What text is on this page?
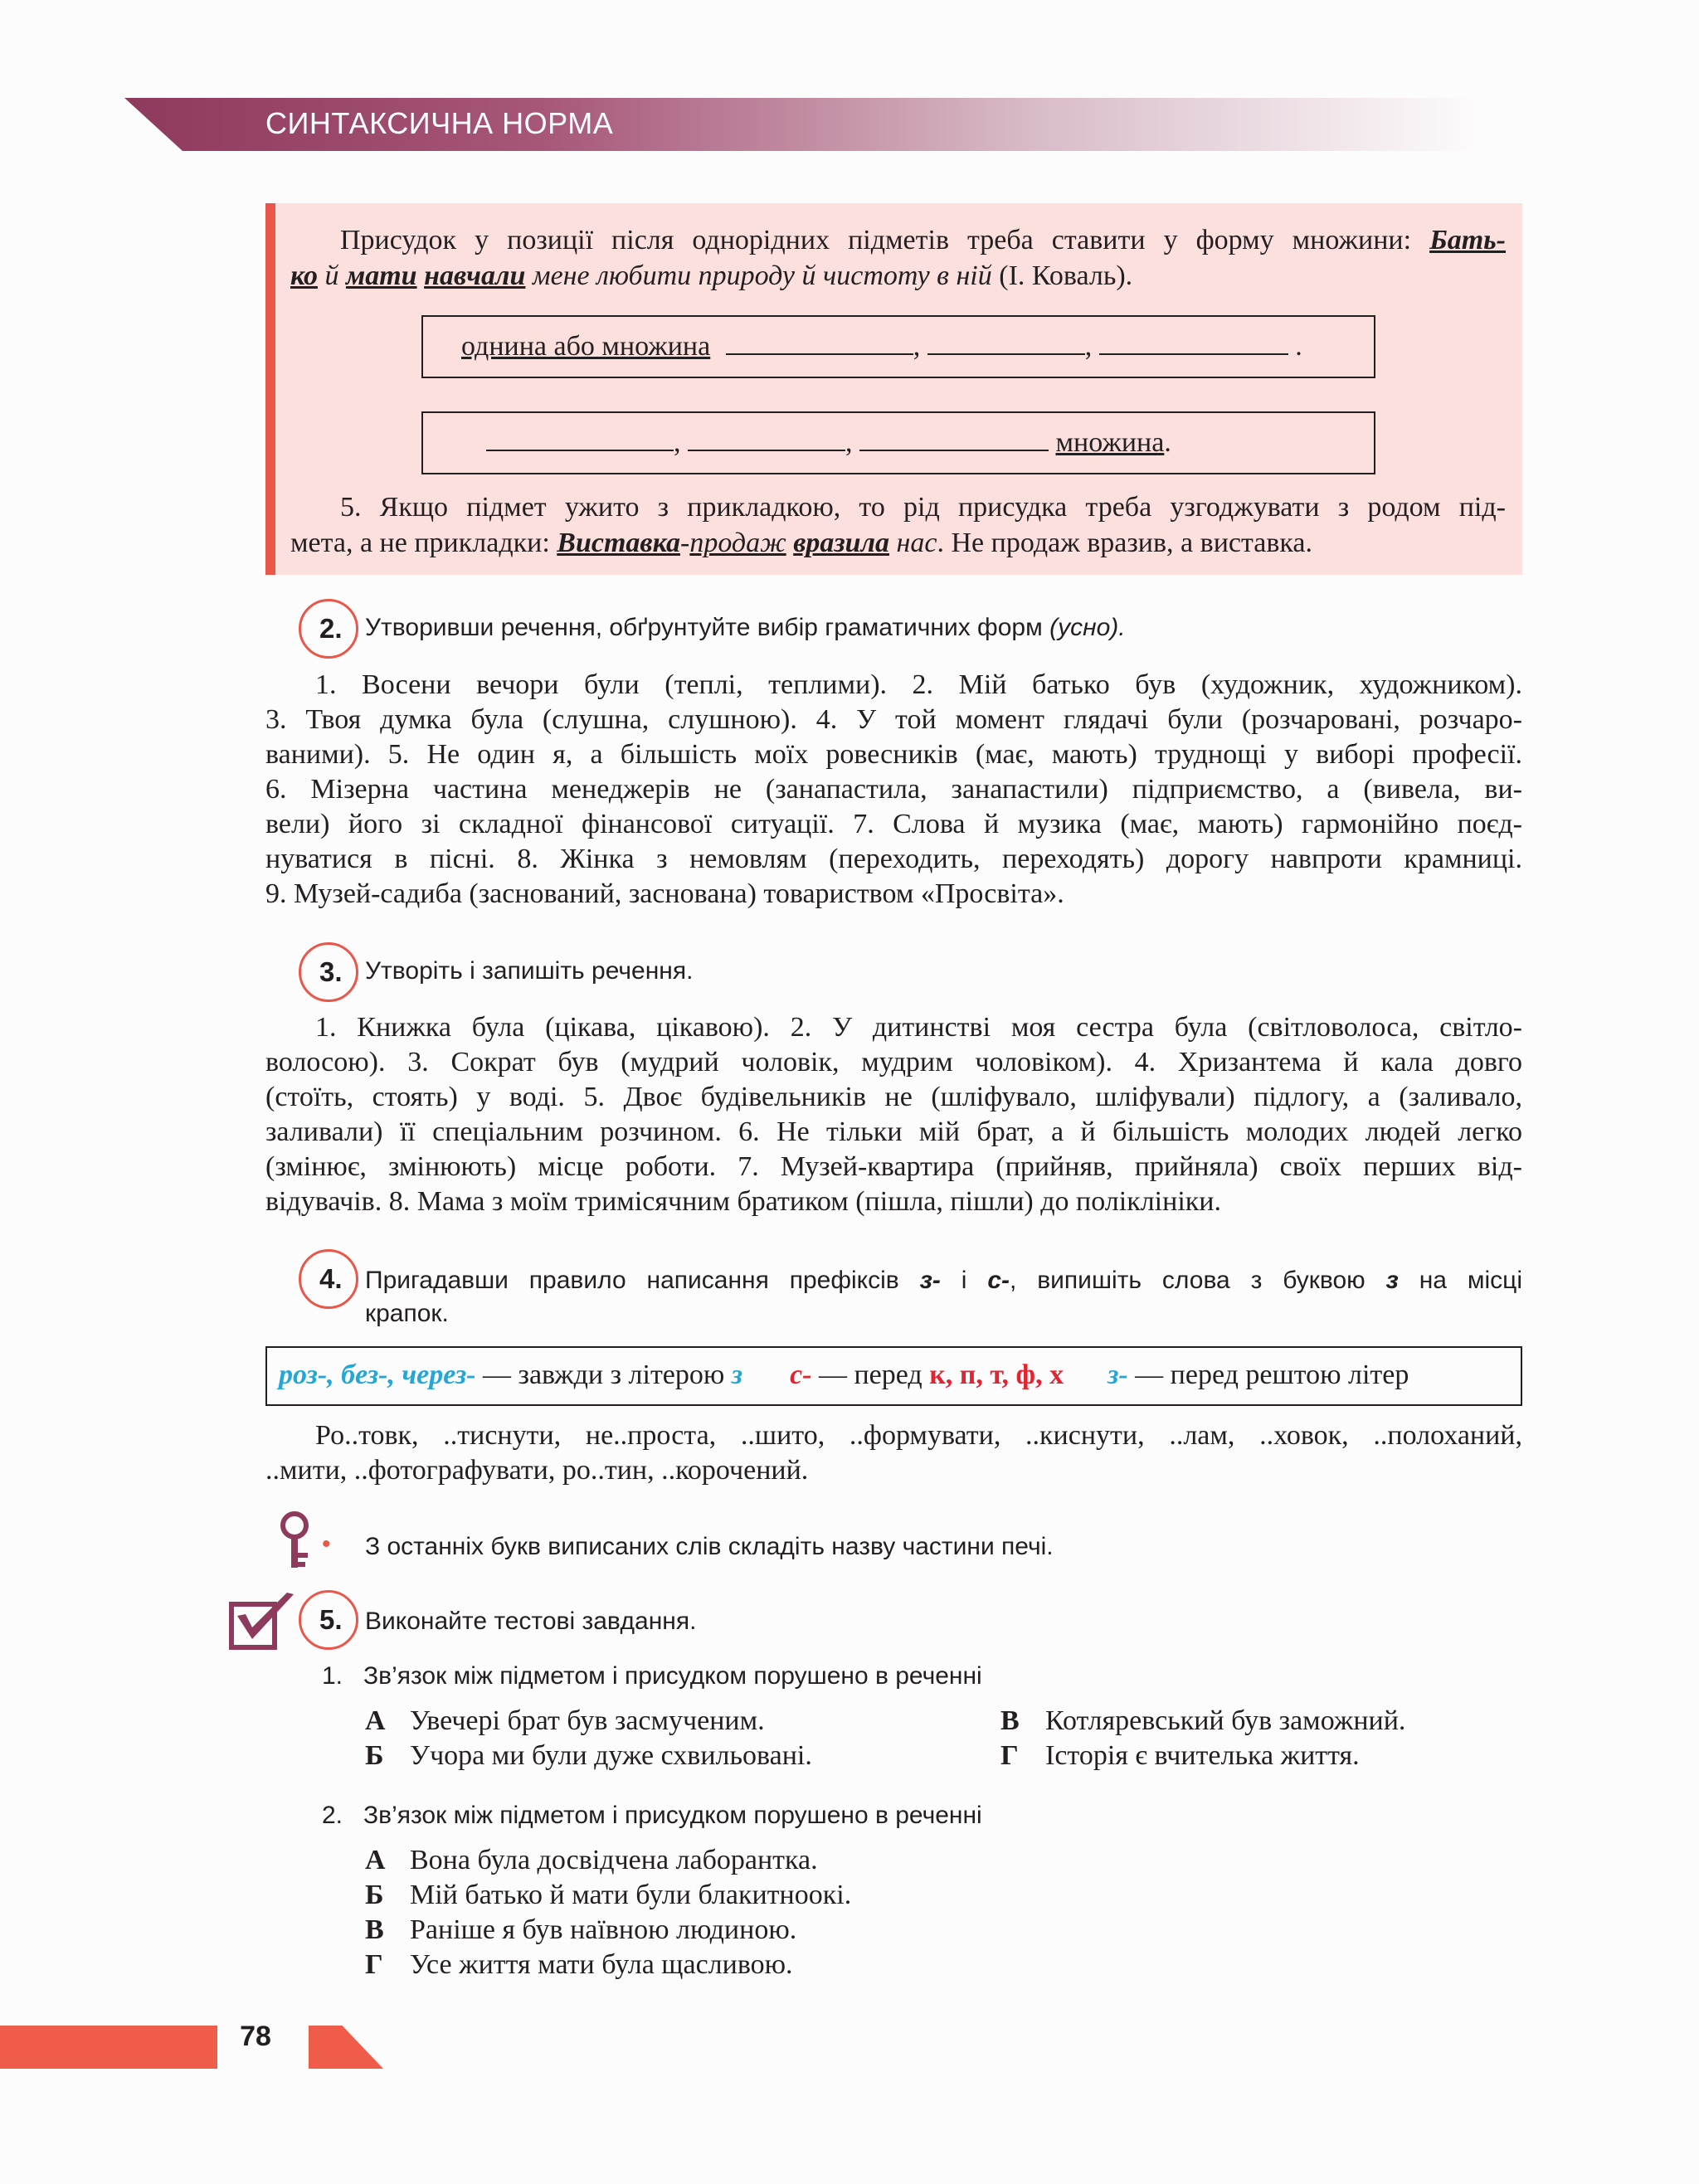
СИНТАКСИЧНА НОРМА
Присудок у позиції після однорідних підметів треба ставити у форму множини: Бать-
ко й мати навчали мене любити природу й чистоту в ній (І. Коваль).
однина або множина	,	,	.
,	,	множина.
5. Якщо підмет ужито з прикладкою, то рід присудка треба узгоджувати з родом під-
мета, а не прикладки: Виставка-продаж вразила нас. Не продаж вразив, а виставка.
2. Утворивши речення, обґрунтуйте вибір граматичних форм (усно).
1. Восени вечори були (теплі, теплими). 2. Мій батько був (художник, художником).
3. Твоя думка була (слушна, слушною). 4. У той момент глядачі були (розчаровані, розчаро-
ваними). 5. Не один я, а більшість моїх ровесників (має, мають) труднощі у виборі професії.
6. Мізерна частина менеджерів не (занапастила, занапастили) підприємство, а (вивела, ви-
вели) його зі складної фінансової ситуації. 7. Слова й музика (має, мають) гармонійно поєд-
нуватися в пісні. 8. Жінка з немовлям (переходить, переходять) дорогу навпроти крамниці.
9. Музей-садиба (заснований, заснована) товариством «Просвіта».
3. Утворіть і запишіть речення.
1. Книжка була (цікава, цікавою). 2. У дитинстві моя сестра була (світловолоса, світло-
волосою). 3. Сократ був (мудрий чоловік, мудрим чоловіком). 4. Хризантема й кала довго
(стоїть, стоять) у воді. 5. Двоє будівельників не (шліфувало, шліфували) підлогу, а (заливало,
заливали) її спеціальним розчином. 6. Не тільки мій брат, а й більшість молодих людей легко
(змінює, змінюють) місце роботи. 7. Музей-квартира (прийняв, прийняла) своїх перших від-
відувачів. 8. Мама з моїм тримісячним братиком (пішла, пішли) до поліклініки.
4. Пригадавши правило написання префіксів з- і с-, випишіть слова з буквою з на місці
крапок.
роз-, без-, через- — завжди з літерою з с- — перед к, п, т, ф, х з- — перед рештою літер
Ро..товк, ..тиснути, не..проста, ..шито, ..формувати, ..киснути, ..лам, ..ховок, ..полоханий,
..мити, ..фотографувати, ро..тин, ..корочений.
• З останніх букв виписаних слів складіть назву частини печі.
5. Виконайте тестові завдання.
1. Зв’язок між підметом і присудком порушено в реченні
А Увечері брат був засмученим.
Б Учора ми були дуже схвильовані.
В Котляревський був заможний.
Г Історія є вчителька життя.
2. Зв’язок між підметом і присудком порушено в реченні
А Вона була досвідчена лаборантка.
Б Мій батько й мати були блакитноокі.
В Раніше я був наївною людиною.
Г Усе життя мати була щасливою.
78
